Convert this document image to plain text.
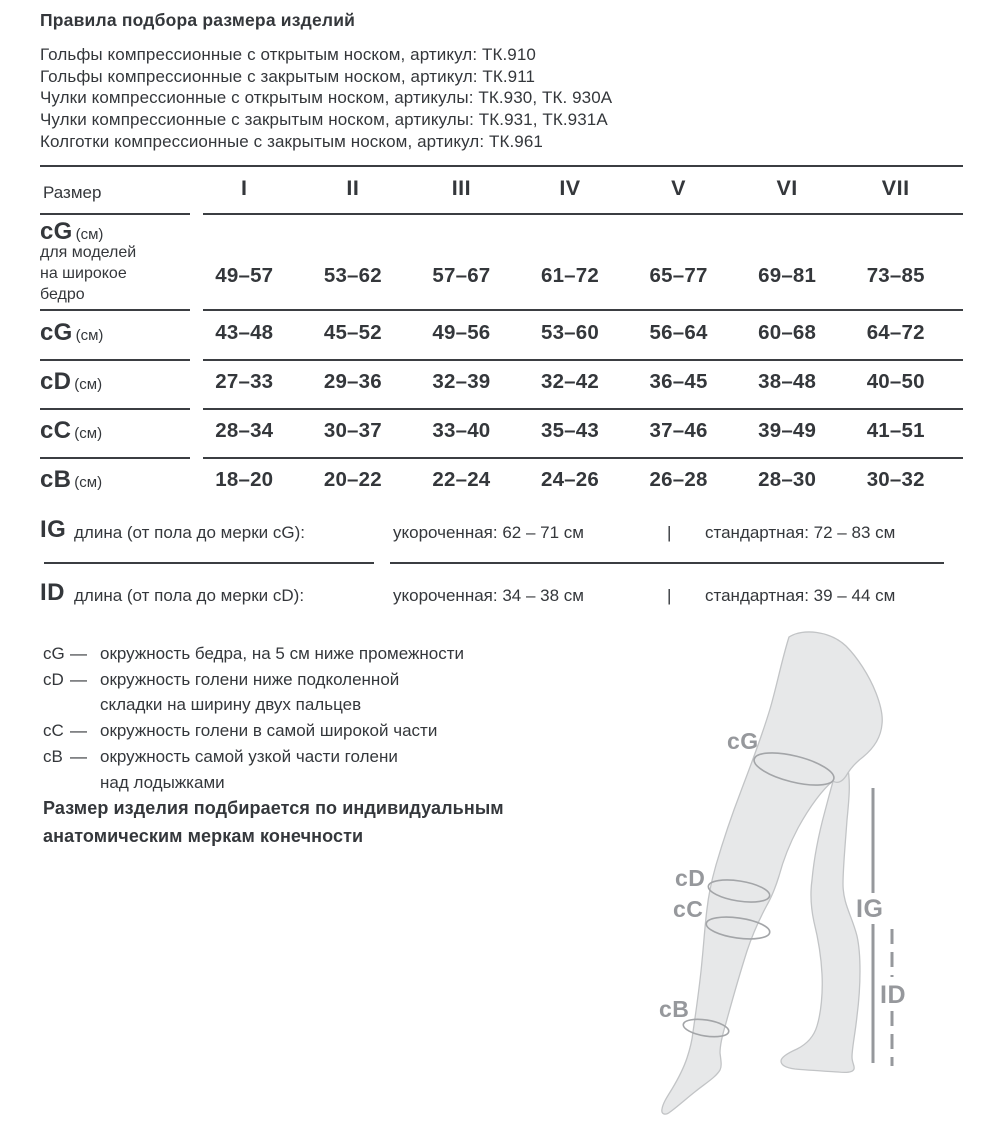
Правила подбора размера изделий
Гольфы компрессионные с открытым носком, артикул: ТК.910
Гольфы компрессионные с закрытым носком, артикул: ТК.911
Чулки компрессионные с открытым носком, артикулы: ТК.930, ТК. 930А
Чулки компрессионные с закрытым носком, артикулы: ТК.931, ТК.931А
Колготки компрессионные с закрытым носком, артикул: ТК.961
Размер	I	II	III	IV	V	VI	VII
cG (см)
для моделей
на широкое
бедро
49–57	53–62	57–67	61–72	65–77	69–81	73–85
cG (см)	43–48	45–52	49–56	53–60	56–64	60–68	64–72
cD (см)	27–33	29–36	32–39	32–42	36–45	38–48	40–50
cC (см)	28–34	30–37	33–40	35–43	37–46	39–49	41–51
cB (см)	18–20	20–22	22–24	24–26	26–28	28–30	30–32
IG длина (от пола до мерки cG):	укороченная: 62 – 71 см	| стандартная: 72 – 83 см
ID длина (от пола до мерки cD):	укороченная: 34 – 38 см	| стандартная: 39 – 44 см
cG — окружность бедра, на 5 см ниже промежности
cD — окружность голени ниже подколенной
складки на ширину двух пальцев
cC — окружность голени в самой широкой части
cB — окружность самой узкой части голени
над лодыжками
Размер изделия подбирается по индивидуальным
анатомическим меркам конечности
cG
cD
cC
cB
IG
ID
